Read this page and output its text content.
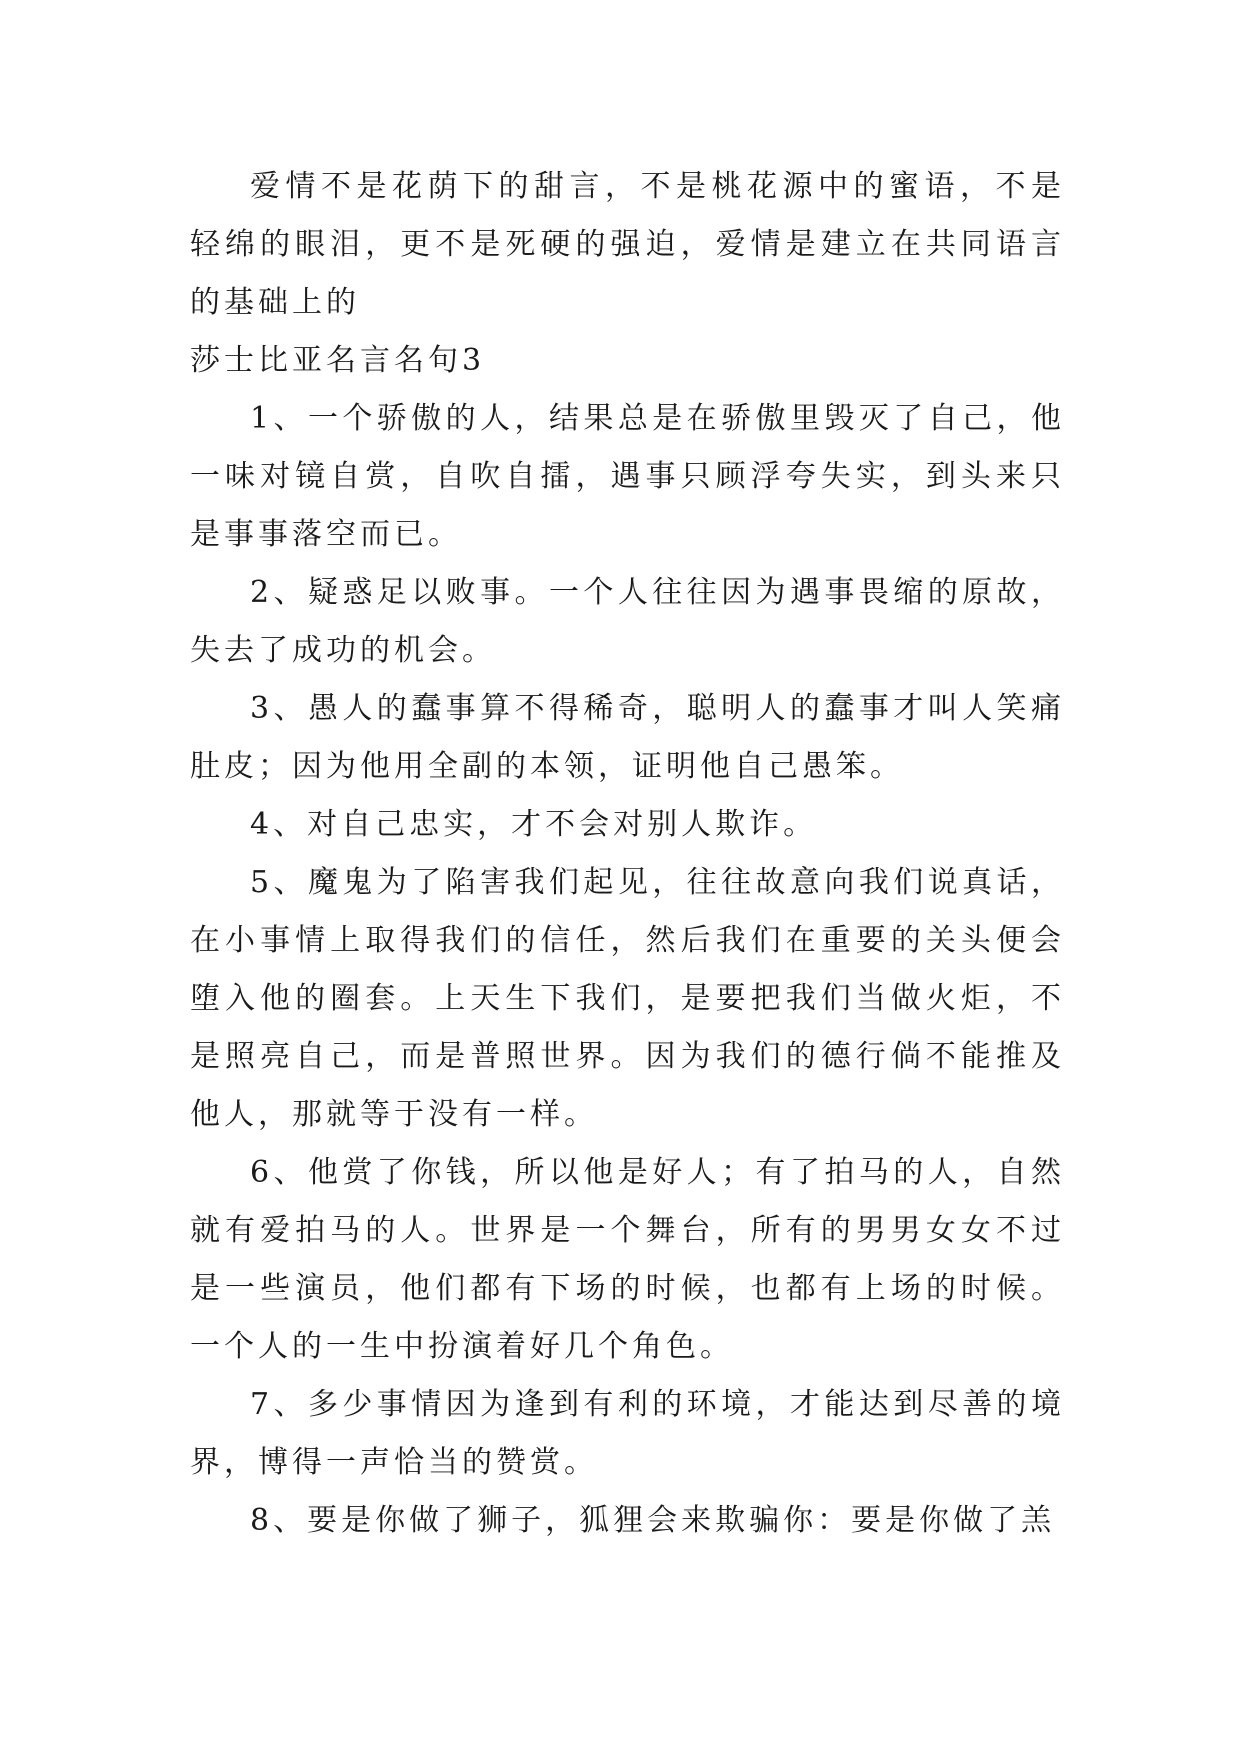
爱情不是花荫下的甜言，不是桃花源中的蜜语，不是轻绵的眼泪，更不是死硬的强迫，爱情是建立在共同语言的基础上的

莎士比亚名言名句3

1、一个骄傲的人，结果总是在骄傲里毁灭了自己，他一味对镜自赏，自吹自擂，遇事只顾浮夸失实，到头来只是事事落空而已。

2、疑惑足以败事。一个人往往因为遇事畏缩的原故，失去了成功的机会。

3、愚人的蠢事算不得稀奇，聪明人的蠢事才叫人笑痛肚皮；因为他用全副的本领，证明他自己愚笨。

4、对自己忠实，才不会对别人欺诈。

5、魔鬼为了陷害我们起见，往往故意向我们说真话，在小事情上取得我们的信任，然后我们在重要的关头便会堕入他的圈套。上天生下我们，是要把我们当做火炬，不是照亮自己，而是普照世界。因为我们的德行倘不能推及他人，那就等于没有一样。

6、他赏了你钱，所以他是好人；有了拍马的人，自然就有爱拍马的人。世界是一个舞台，所有的男男女女不过是一些演员，他们都有下场的时候，也都有上场的时候。一个人的一生中扮演着好几个角色。

7、多少事情因为逢到有利的环境，才能达到尽善的境界，博得一声恰当的赞赏。

8、要是你做了狮子，狐狸会来欺骗你：要是你做了羔
